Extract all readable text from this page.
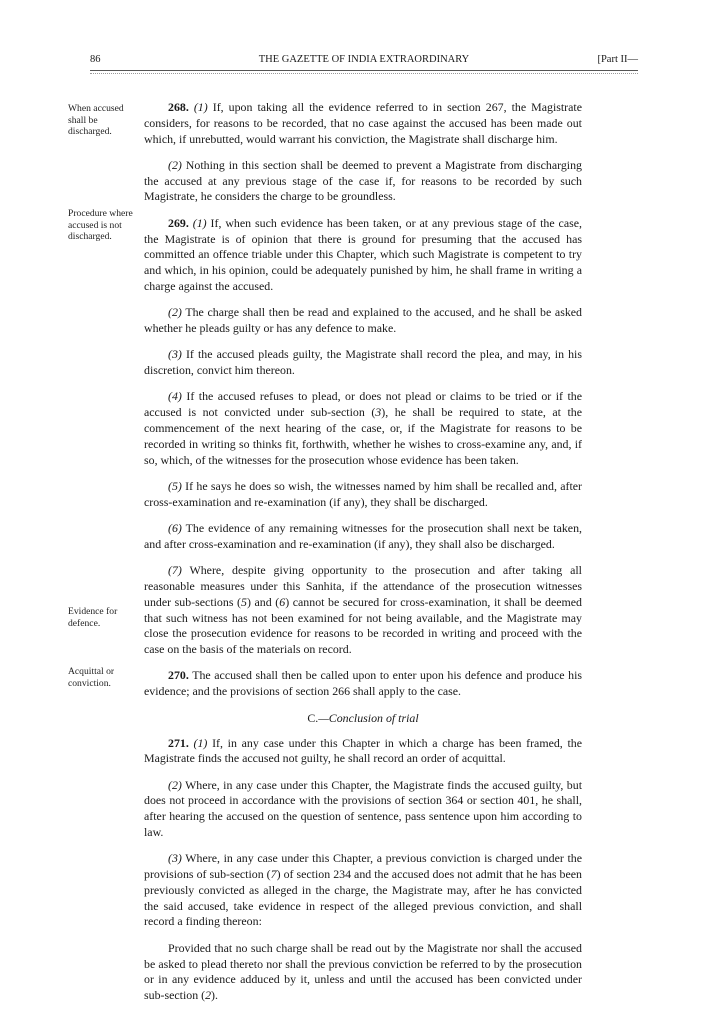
86	THE GAZETTE OF INDIA EXTRAORDINARY	[Part II—
When accused shall be discharged.
Procedure where accused is not discharged.
Evidence for defence.
Acquittal or conviction.

268. (1) If, upon taking all the evidence referred to in section 267, the Magistrate considers, for reasons to be recorded, that no case against the accused has been made out which, if unrebutted, would warrant his conviction, the Magistrate shall discharge him.

(2) Nothing in this section shall be deemed to prevent a Magistrate from discharging the accused at any previous stage of the case if, for reasons to be recorded by such Magistrate, he considers the charge to be groundless.

269. (1) If, when such evidence has been taken, or at any previous stage of the case, the Magistrate is of opinion that there is ground for presuming that the accused has committed an offence triable under this Chapter, which such Magistrate is competent to try and which, in his opinion, could be adequately punished by him, he shall frame in writing a charge against the accused.

(2) The charge shall then be read and explained to the accused, and he shall be asked whether he pleads guilty or has any defence to make.

(3) If the accused pleads guilty, the Magistrate shall record the plea, and may, in his discretion, convict him thereon.

(4) If the accused refuses to plead, or does not plead or claims to be tried or if the accused is not convicted under sub-section (3), he shall be required to state, at the commencement of the next hearing of the case, or, if the Magistrate for reasons to be recorded in writing so thinks fit, forthwith, whether he wishes to cross-examine any, and, if so, which, of the witnesses for the prosecution whose evidence has been taken.

(5) If he says he does so wish, the witnesses named by him shall be recalled and, after cross-examination and re-examination (if any), they shall be discharged.

(6) The evidence of any remaining witnesses for the prosecution shall next be taken, and after cross-examination and re-examination (if any), they shall also be discharged.

(7) Where, despite giving opportunity to the prosecution and after taking all reasonable measures under this Sanhita, if the attendance of the prosecution witnesses under sub-sections (5) and (6) cannot be secured for cross-examination, it shall be deemed that such witness has not been examined for not being available, and the Magistrate may close the prosecution evidence for reasons to be recorded in writing and proceed with the case on the basis of the materials on record.

270. The accused shall then be called upon to enter upon his defence and produce his evidence; and the provisions of section 266 shall apply to the case.

C.—Conclusion of trial

271. (1) If, in any case under this Chapter in which a charge has been framed, the Magistrate finds the accused not guilty, he shall record an order of acquittal.

(2) Where, in any case under this Chapter, the Magistrate finds the accused guilty, but does not proceed in accordance with the provisions of section 364 or section 401, he shall, after hearing the accused on the question of sentence, pass sentence upon him according to law.

(3) Where, in any case under this Chapter, a previous conviction is charged under the provisions of sub-section (7) of section 234 and the accused does not admit that he has been previously convicted as alleged in the charge, the Magistrate may, after he has convicted the said accused, take evidence in respect of the alleged previous conviction, and shall record a finding thereon:

Provided that no such charge shall be read out by the Magistrate nor shall the accused be asked to plead thereto nor shall the previous conviction be referred to by the prosecution or in any evidence adduced by it, unless and until the accused has been convicted under sub-section (2).
